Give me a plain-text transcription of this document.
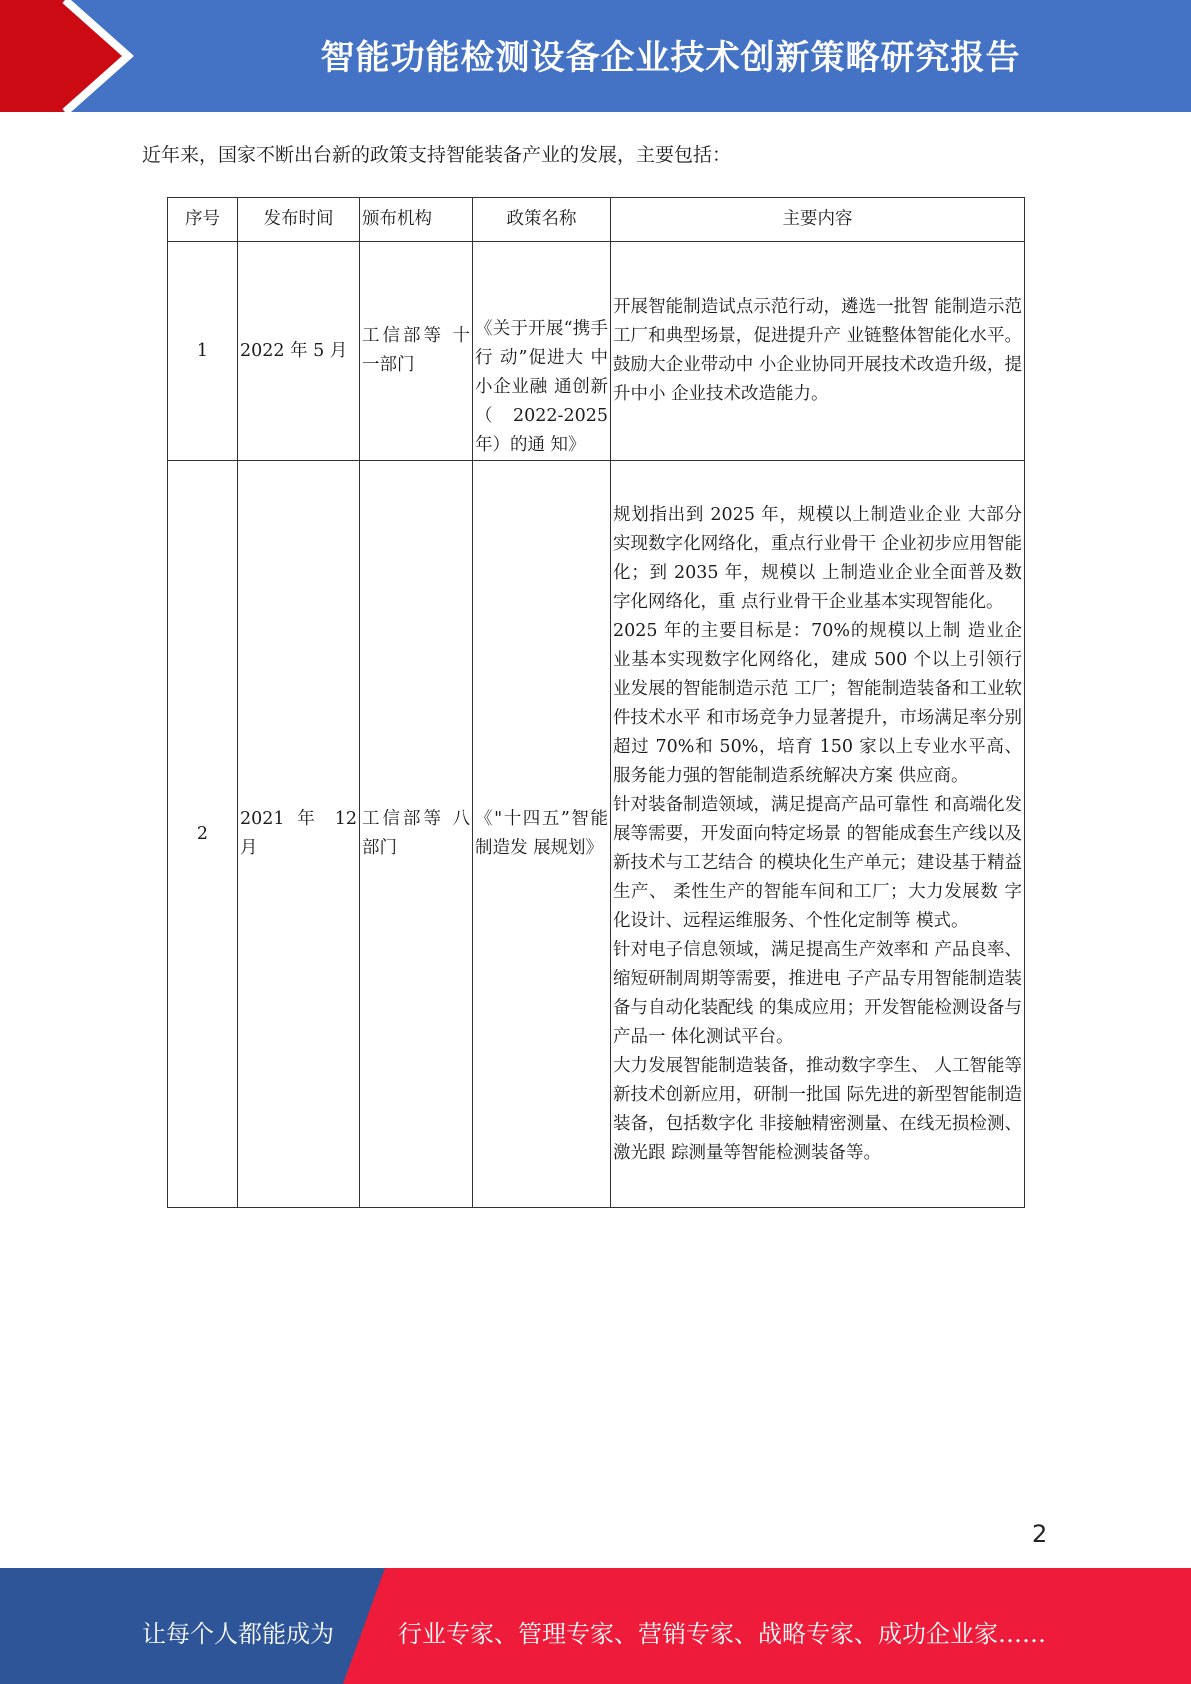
智能功能检测设备企业技术创新策略研究报告
近年来，国家不断出台新的政策支持智能装备产业的发展，主要包括：
序号	发布时间	颁布机构	政策名称	主要内容
1	2022 年 5 月	工信部等 十一部门	《关于开展“携手行 动”促进大 中小企业融 通创新（ 2022-2025 年）的通 知》	开展智能制造试点示范行动，遴选一批智 能制造示范工厂和典型场景，促进提升产 业链整体智能化水平。鼓励大企业带动中 小企业协同开展技术改造升级，提升中小 企业技术改造能力。

2	2021 年 12 月	工信部等 八部门	《"十四五”智能制造发 展规划》	规划指出到 2025 年，规模以上制造业企业 大部分实现数字化网络化，重点行业骨干 企业初步应用智能化；到 2035 年，规模以 上制造业企业全面普及数字化网络化，重 点行业骨干企业基本实现智能化。
2025 年的主要目标是：70%的规模以上制 造业企业基本实现数字化网络化，建成 500 个以上引领行业发展的智能制造示范 工厂；智能制造装备和工业软件技术水平 和市场竞争力显著提升，市场满足率分别 超过 70%和 50%，培育 150 家以上专业水平高、服务能力强的智能制造系统解决方案 供应商。
针对装备制造领域，满足提高产品可靠性 和高端化发展等需要，开发面向特定场景 的智能成套生产线以及新技术与工艺结合 的模块化生产单元；建设基于精益生产、 柔性生产的智能车间和工厂；大力发展数 字化设计、远程运维服务、个性化定制等 模式。
针对电子信息领域，满足提高生产效率和 产品良率、缩短研制周期等需要，推进电 子产品专用智能制造装备与自动化装配线 的集成应用；开发智能检测设备与产品一 体化测试平台。
大力发展智能制造装备，推动数字孪生、 人工智能等新技术创新应用，研制一批国 际先进的新型智能制造装备，包括数字化 非接触精密测量、在线无损检测、激光跟 踪测量等智能检测装备等。
2
让每个人都能成为	行业专家、管理专家、营销专家、战略专家、成功企业家……
